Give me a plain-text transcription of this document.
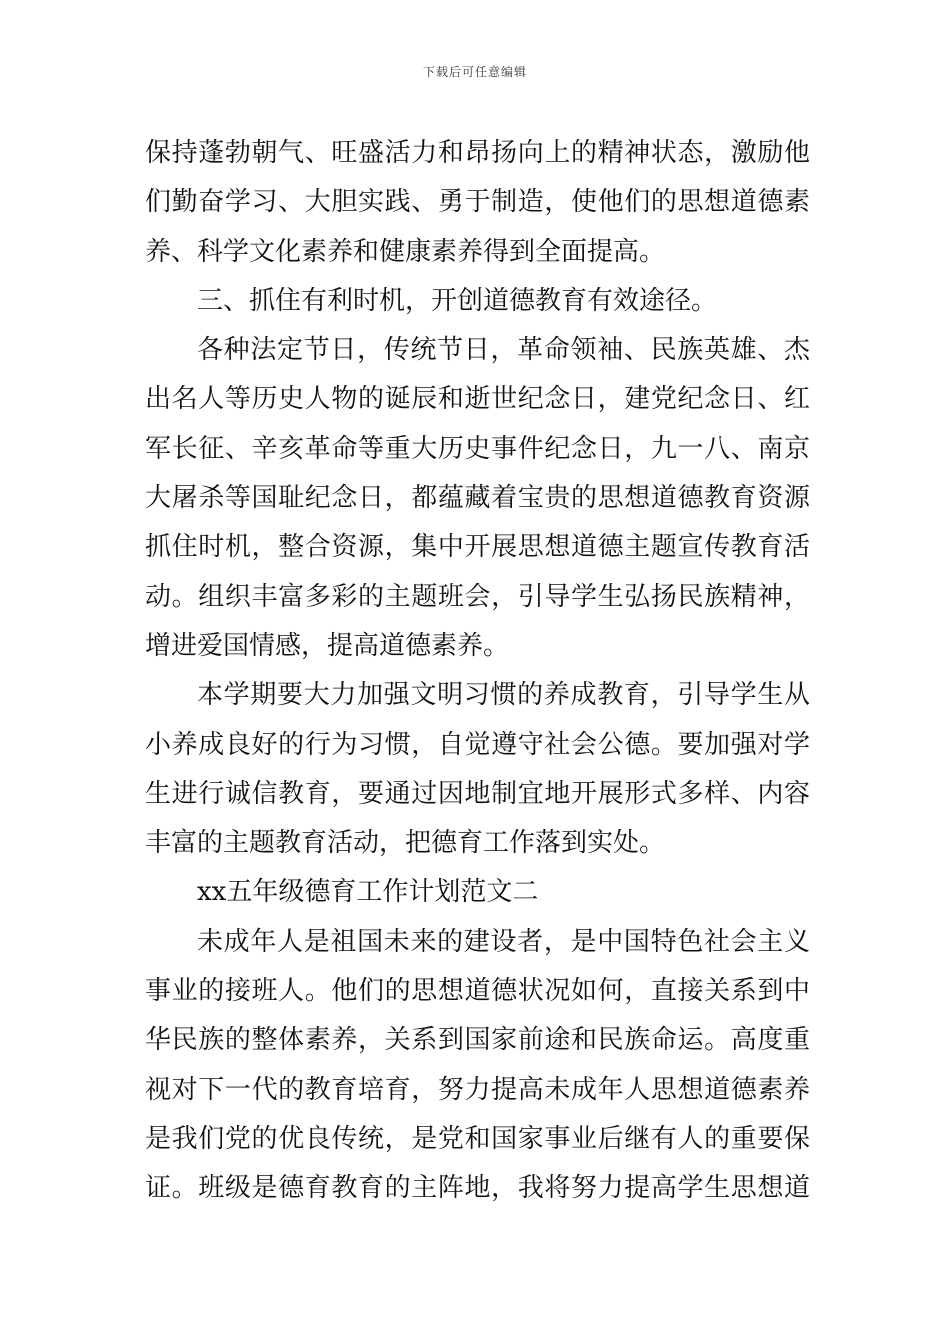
下载后可任意编辑
保持蓬勃朝气、旺盛活力和昂扬向上的精神状态，激励他
们勤奋学习、大胆实践、勇于制造，使他们的思想道德素
养、科学文化素养和健康素养得到全面提高。
三、抓住有利时机，开创道德教育有效途径。
各种法定节日，传统节日，革命领袖、民族英雄、杰
出名人等历史人物的诞辰和逝世纪念日，建党纪念日、红
军长征、辛亥革命等重大历史事件纪念日，九一八、南京
大屠杀等国耻纪念日，都蕴藏着宝贵的思想道德教育资源
抓住时机，整合资源，集中开展思想道德主题宣传教育活
动。组织丰富多彩的主题班会，引导学生弘扬民族精神，
增进爱国情感，提高道德素养。
本学期要大力加强文明习惯的养成教育，引导学生从
小养成良好的行为习惯，自觉遵守社会公德。要加强对学
生进行诚信教育，要通过因地制宜地开展形式多样、内容
丰富的主题教育活动，把德育工作落到实处。
xx五年级德育工作计划范文二
未成年人是祖国未来的建设者，是中国特色社会主义
事业的接班人。他们的思想道德状况如何，直接关系到中
华民族的整体素养，关系到国家前途和民族命运。高度重
视对下一代的教育培育，努力提高未成年人思想道德素养
是我们党的优良传统，是党和国家事业后继有人的重要保
证。班级是德育教育的主阵地，我将努力提高学生思想道
